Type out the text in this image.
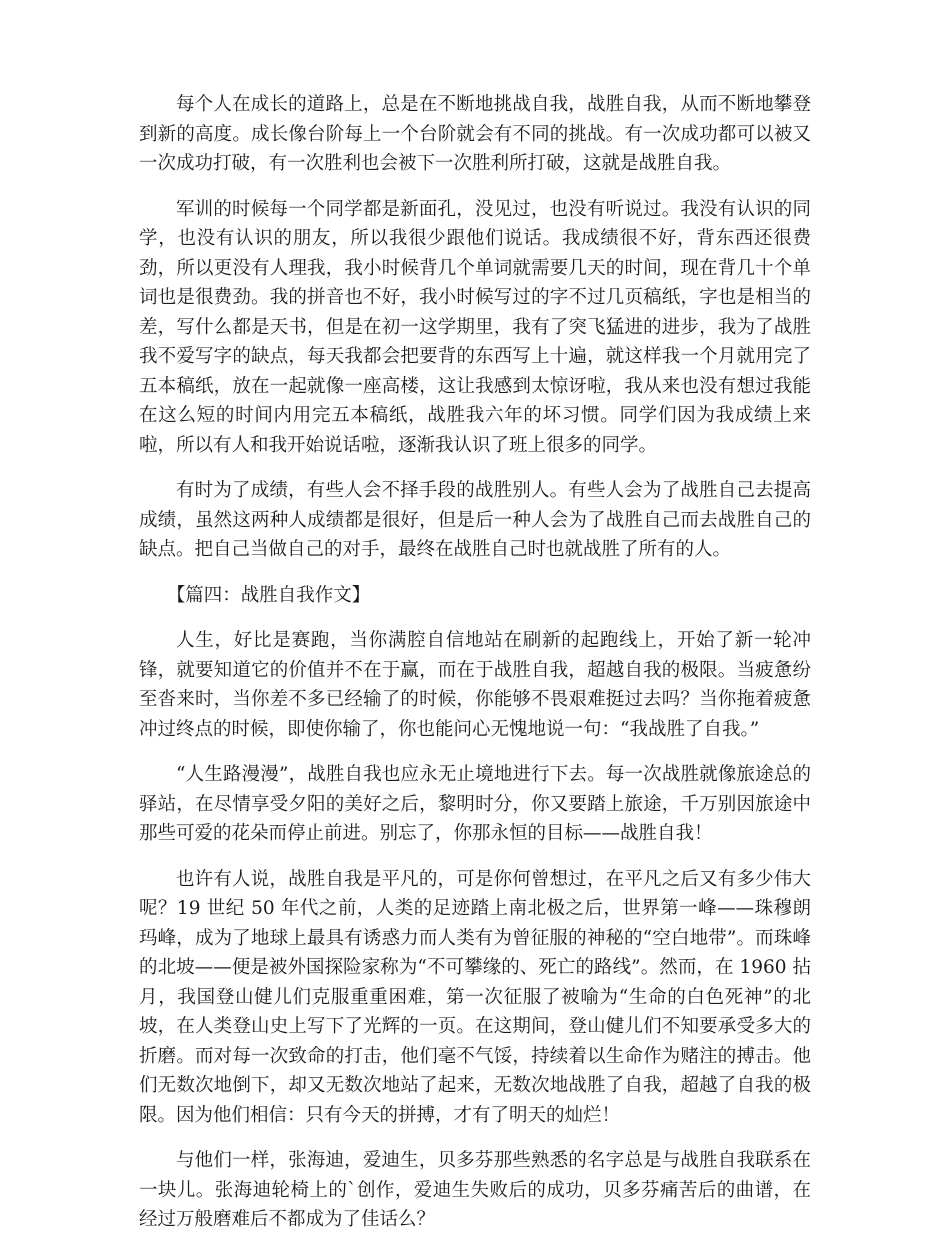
每个人在成长的道路上，总是在不断地挑战自我，战胜自我，从而不断地攀登到新的高度。成长像台阶每上一个台阶就会有不同的挑战。有一次成功都可以被又一次成功打破，有一次胜利也会被下一次胜利所打破，这就是战胜自我。

军训的时候每一个同学都是新面孔，没见过，也没有听说过。我没有认识的同学，也没有认识的朋友，所以我很少跟他们说话。我成绩很不好，背东西还很费劲，所以更没有人理我，我小时候背几个单词就需要几天的时间，现在背几十个单词也是很费劲。我的拼音也不好，我小时候写过的字不过几页稿纸，字也是相当的差，写什么都是天书，但是在初一这学期里，我有了突飞猛进的进步，我为了战胜我不爱写字的缺点，每天我都会把要背的东西写上十遍，就这样我一个月就用完了五本稿纸，放在一起就像一座高楼，这让我感到太惊讶啦，我从来也没有想过我能在这么短的时间内用完五本稿纸，战胜我六年的坏习惯。同学们因为我成绩上来啦，所以有人和我开始说话啦，逐渐我认识了班上很多的同学。

有时为了成绩，有些人会不择手段的战胜别人。有些人会为了战胜自己去提高成绩，虽然这两种人成绩都是很好，但是后一种人会为了战胜自己而去战胜自己的缺点。把自己当做自己的对手，最终在战胜自己时也就战胜了所有的人。

【篇四：战胜自我作文】

人生，好比是赛跑，当你满腔自信地站在刷新的起跑线上，开始了新一轮冲锋，就要知道它的价值并不在于赢，而在于战胜自我，超越自我的极限。当疲惫纷至沓来时，当你差不多已经输了的时候，你能够不畏艰难挺过去吗？当你拖着疲惫冲过终点的时候，即使你输了，你也能问心无愧地说一句：“我战胜了自我。”

“人生路漫漫”，战胜自我也应永无止境地进行下去。每一次战胜就像旅途总的驿站，在尽情享受夕阳的美好之后，黎明时分，你又要踏上旅途，千万别因旅途中那些可爱的花朵而停止前进。别忘了，你那永恒的目标——战胜自我！

也许有人说，战胜自我是平凡的，可是你何曾想过，在平凡之后又有多少伟大呢？19 世纪 50 年代之前，人类的足迹踏上南北极之后，世界第一峰——珠穆朗玛峰，成为了地球上最具有诱惑力而人类有为曾征服的神秘的“空白地带”。而珠峰的北坡——便是被外国探险家称为“不可攀缘的、死亡的路线”。然而，在 1960 拈月，我国登山健儿们克服重重困难，第一次征服了被喻为“生命的白色死神”的北坡，在人类登山史上写下了光辉的一页。在这期间，登山健儿们不知要承受多大的折磨。而对每一次致命的打击，他们毫不气馁，持续着以生命作为赌注的搏击。他们无数次地倒下，却又无数次地站了起来，无数次地战胜了自我，超越了自我的极限。因为他们相信：只有今天的拼搏，才有了明天的灿烂！

与他们一样，张海迪，爱迪生，贝多芬那些熟悉的名字总是与战胜自我联系在一块儿。张海迪轮椅上的`创作，爱迪生失败后的成功，贝多芬痛苦后的曲谱，在经过万般磨难后不都成为了佳话么？
